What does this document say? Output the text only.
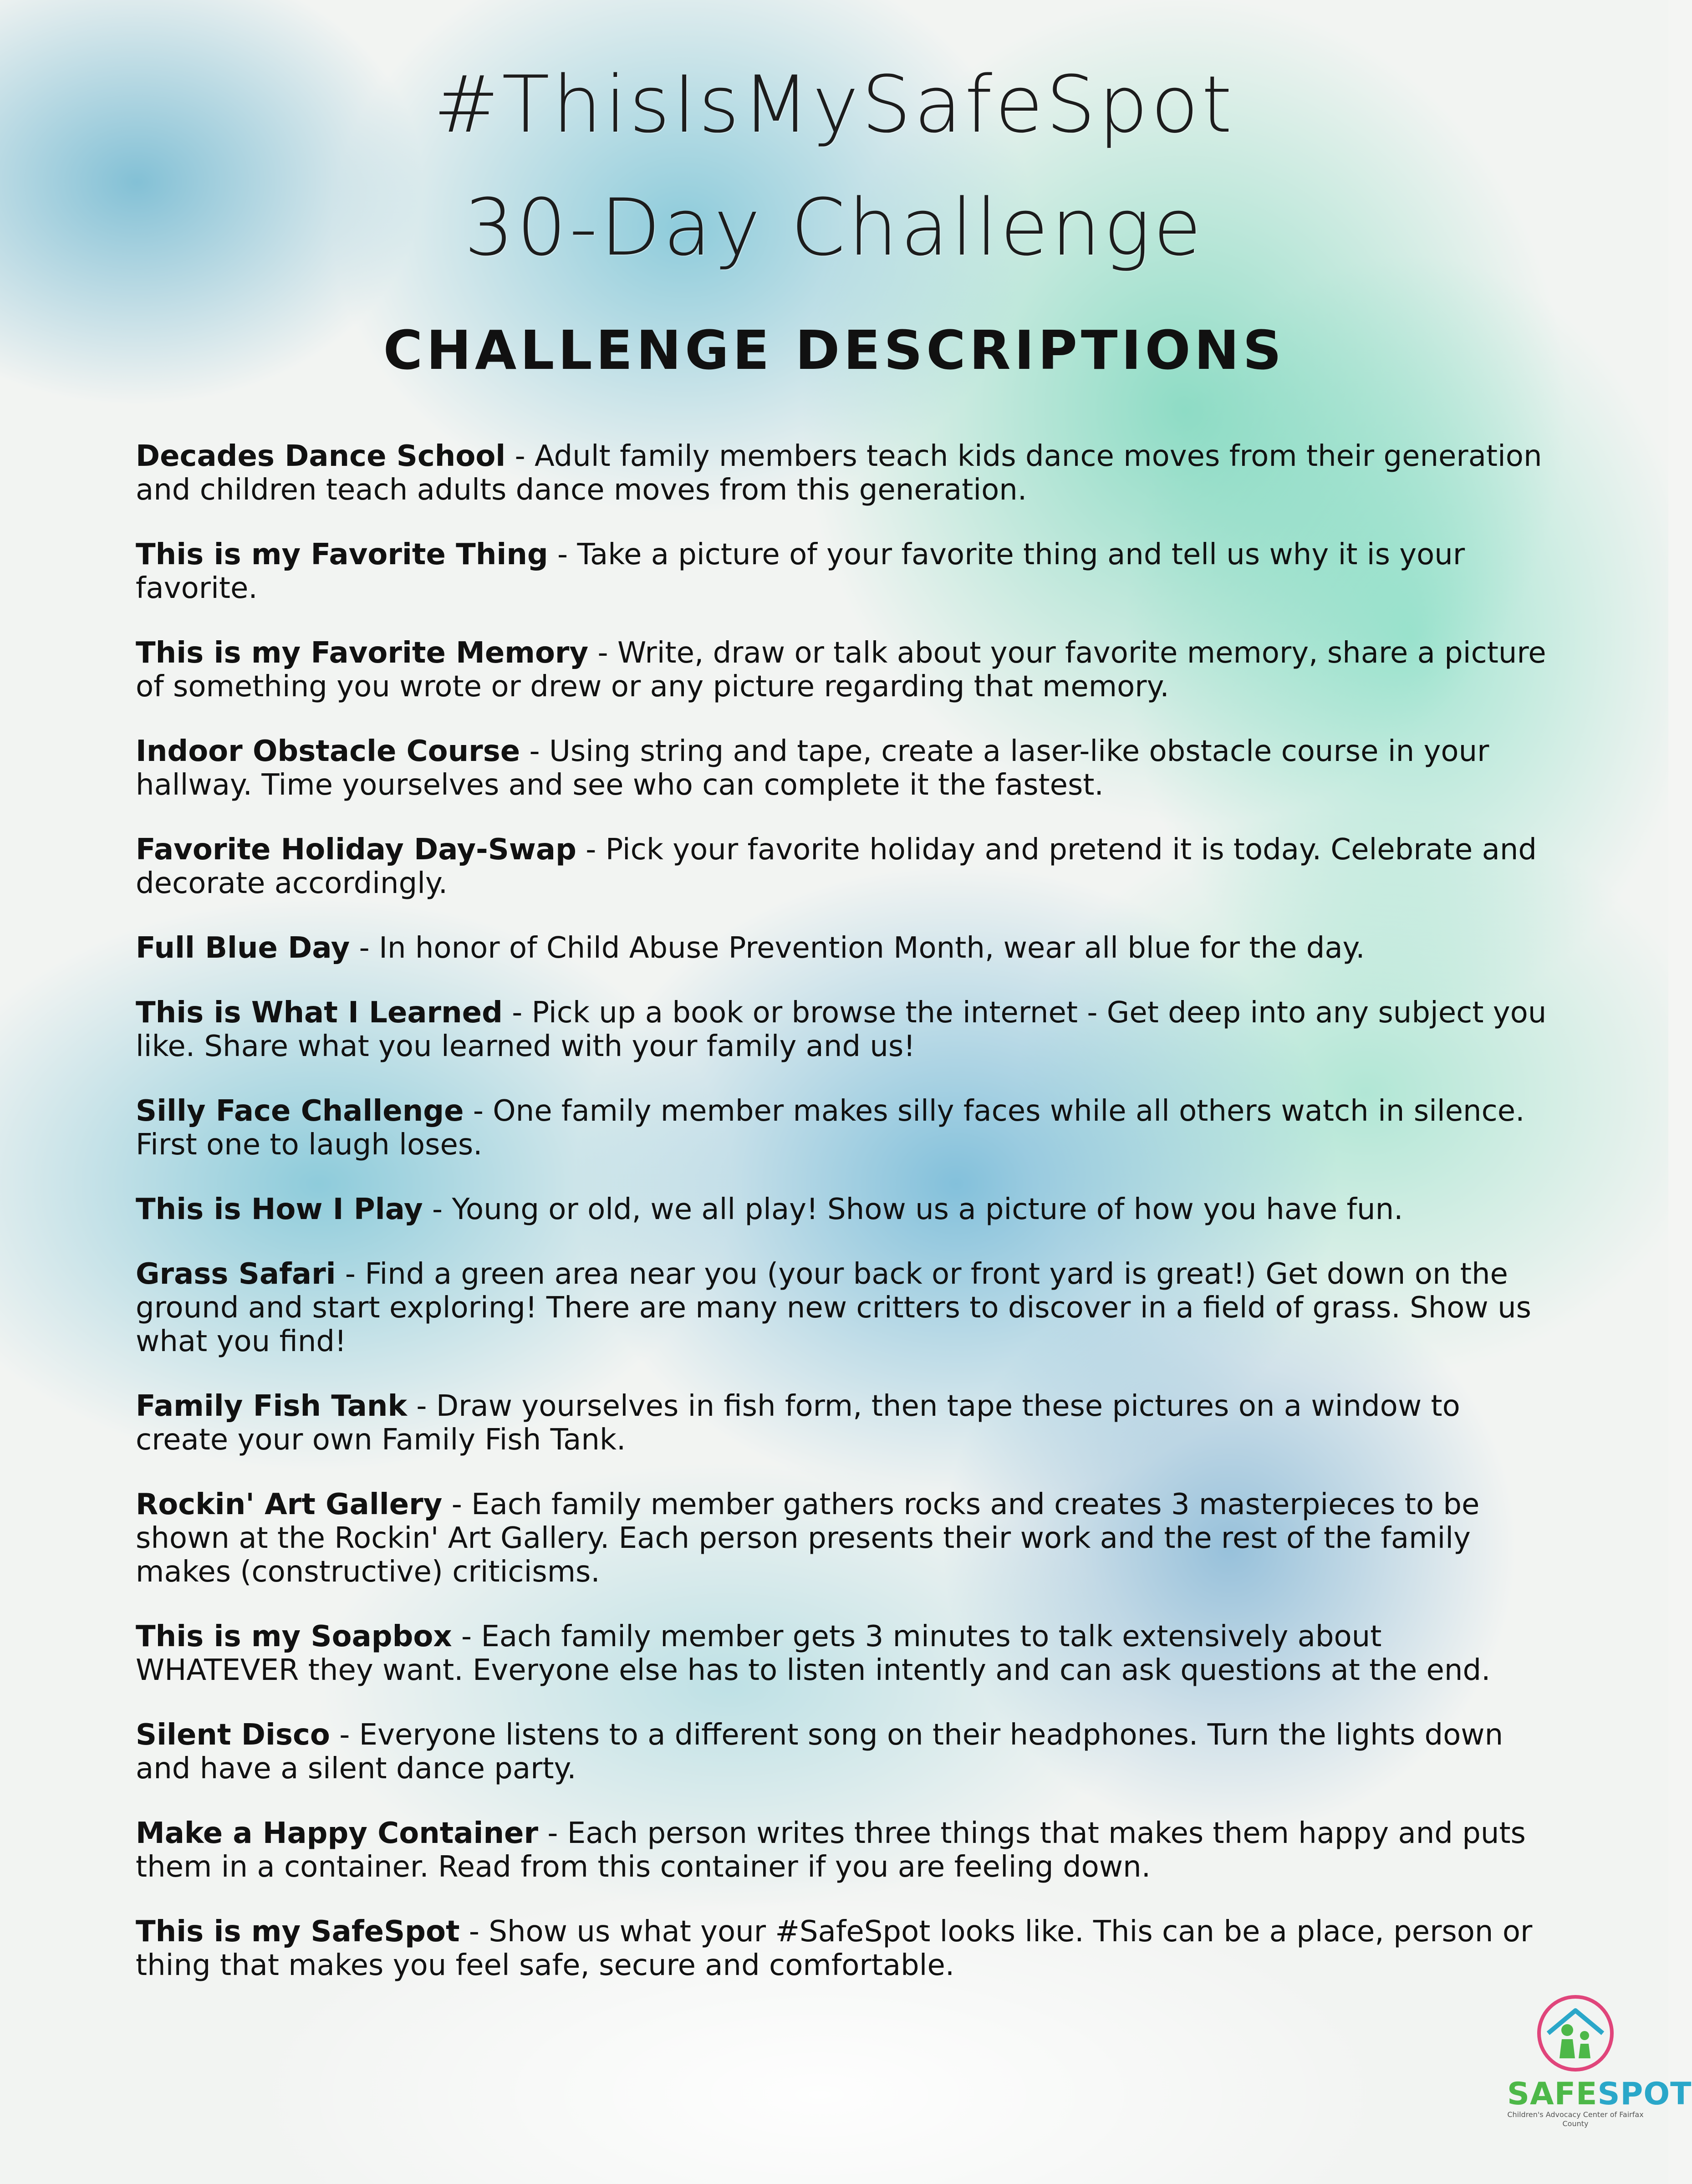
#ThisIsMySafeSpot
30-Day Challenge
CHALLENGE DESCRIPTIONS

Decades Dance School - Adult family members teach kids dance moves from their generation and children teach adults dance moves from this generation.

This is my Favorite Thing - Take a picture of your favorite thing and tell us why it is your favorite.

This is my Favorite Memory - Write, draw or talk about your favorite memory, share a picture of something you wrote or drew or any picture regarding that memory.

Indoor Obstacle Course - Using string and tape, create a laser-like obstacle course in your hallway. Time yourselves and see who can complete it the fastest.

Favorite Holiday Day-Swap - Pick your favorite holiday and pretend it is today. Celebrate and decorate accordingly.

Full Blue Day - In honor of Child Abuse Prevention Month, wear all blue for the day.

This is What I Learned - Pick up a book or browse the internet - Get deep into any subject you like. Share what you learned with your family and us!

Silly Face Challenge - One family member makes silly faces while all others watch in silence. First one to laugh loses.

This is How I Play - Young or old, we all play! Show us a picture of how you have fun.

Grass Safari - Find a green area near you (your back or front yard is great!) Get down on the ground and start exploring! There are many new critters to discover in a field of grass. Show us what you find!

Family Fish Tank - Draw yourselves in fish form, then tape these pictures on a window to create your own Family Fish Tank.

Rockin' Art Gallery - Each family member gathers rocks and creates 3 masterpieces to be shown at the Rockin' Art Gallery. Each person presents their work and the rest of the family makes (constructive) criticisms.

This is my Soapbox - Each family member gets 3 minutes to talk extensively about WHATEVER they want. Everyone else has to listen intently and can ask questions at the end.

Silent Disco - Everyone listens to a different song on their headphones. Turn the lights down and have a silent dance party.

Make a Happy Container - Each person writes three things that makes them happy and puts them in a container. Read from this container if you are feeling down.

This is my SafeSpot - Show us what your #SafeSpot looks like. This can be a place, person or thing that makes you feel safe, secure and comfortable.

SAFESPOT
Children's Advocacy Center of Fairfax County
